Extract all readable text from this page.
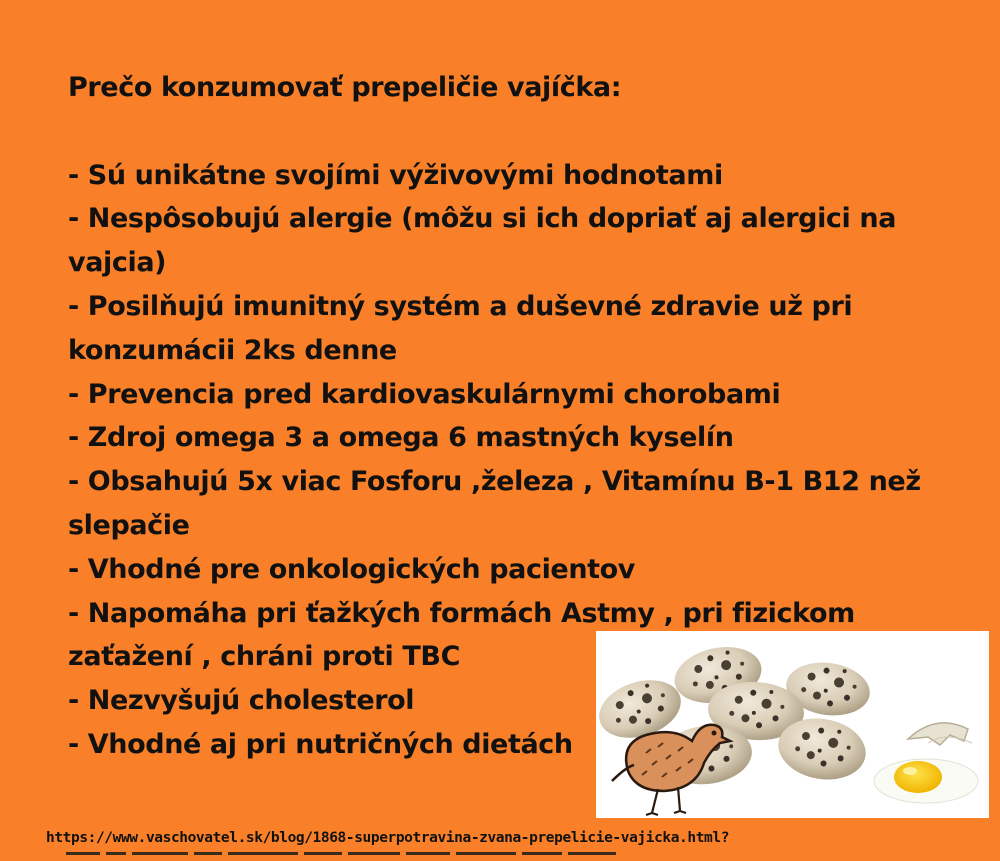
Prečo konzumovať prepeličie vajíčka:

- Sú unikátne svojími výživovými hodnotami

- Nespôsobujú alergie (môžu si ich dopriať aj alergici na vajcia)

- Posilňujú imunitný systém a duševné zdravie už pri konzumácii 2ks denne

- Prevencia pred kardiovaskulárnymi chorobami

- Zdroj omega 3 a omega 6 mastných kyselín

- Obsahujú 5x viac Fosforu ,železa , Vitamínu B-1 B12 než slepačie

- Vhodné pre onkologických pacientov

- Napomáha pri ťažkých formách Astmy , pri fizickom zaťažení , chráni proti TBC

- Nezvyšujú cholesterol

- Vhodné aj pri nutričných dietách

https://www.vaschovatel.sk/blog/1868-superpotravina-zvana-prepelicie-vajicka.html?
